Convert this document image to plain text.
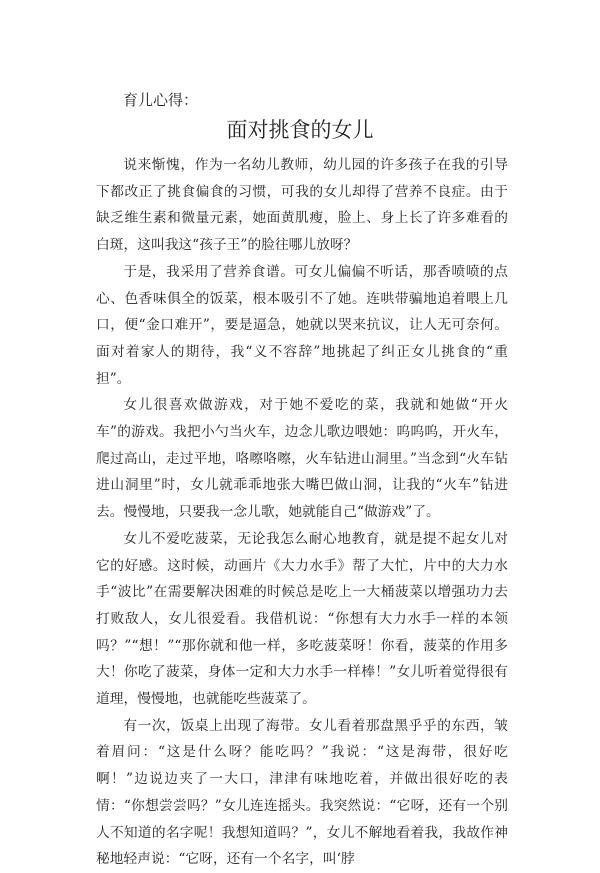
育儿心得：
面对挑食的女儿

说来惭愧，作为一名幼儿教师，幼儿园的许多孩子在我的引导下都改正了挑食偏食的习惯，可我的女儿却得了营养不良症。由于缺乏维生素和微量元素，她面黄肌瘦，脸上、身上长了许多难看的白斑，这叫我这“孩子王”的脸往哪儿放呀？

于是，我采用了营养食谱。可女儿偏偏不听话，那香喷喷的点心、色香味俱全的饭菜，根本吸引不了她。连哄带骗地追着喂上几口，便“金口难开”，要是逼急，她就以哭来抗议，让人无可奈何。面对着家人的期待，我“义不容辞”地挑起了纠正女儿挑食的“重担”。

女儿很喜欢做游戏，对于她不爱吃的菜，我就和她做“开火车”的游戏。我把小勺当火车，边念儿歌边喂她：呜呜呜，开火车，爬过高山，走过平地，咯嚓咯嚓，火车钻进山洞里。”当念到“火车钻进山洞里”时，女儿就乖乖地张大嘴巴做山洞，让我的“火车”钻进去。慢慢地，只要我一念儿歌，她就能自己“做游戏”了。

女儿不爱吃菠菜，无论我怎么耐心地教育，就是提不起女儿对它的好感。这时候，动画片《大力水手》帮了大忙，片中的大力水手“波比”在需要解决困难的时候总是吃上一大桶菠菜以增强功力去打败敌人，女儿很爱看。我借机说：“你想有大力水手一样的本领吗？”“想！”“那你就和他一样，多吃菠菜呀！你看，菠菜的作用多大！你吃了菠菜，身体一定和大力水手一样棒！”女儿听着觉得很有道理，慢慢地，也就能吃些菠菜了。

有一次，饭桌上出现了海带。女儿看着那盘黑乎乎的东西，皱着眉问：“这是什么呀？能吃吗？”我说：“这是海带，很好吃啊！”边说边夹了一大口，津津有味地吃着，并做出很好吃的表情：“你想尝尝吗？”女儿连连摇头。我突然说：“它呀，还有一个别人不知道的名字呢！我想知道吗？”，女儿不解地看着我，我故作神秘地轻声说：“它呀，还有一个名字，叫‘脖
